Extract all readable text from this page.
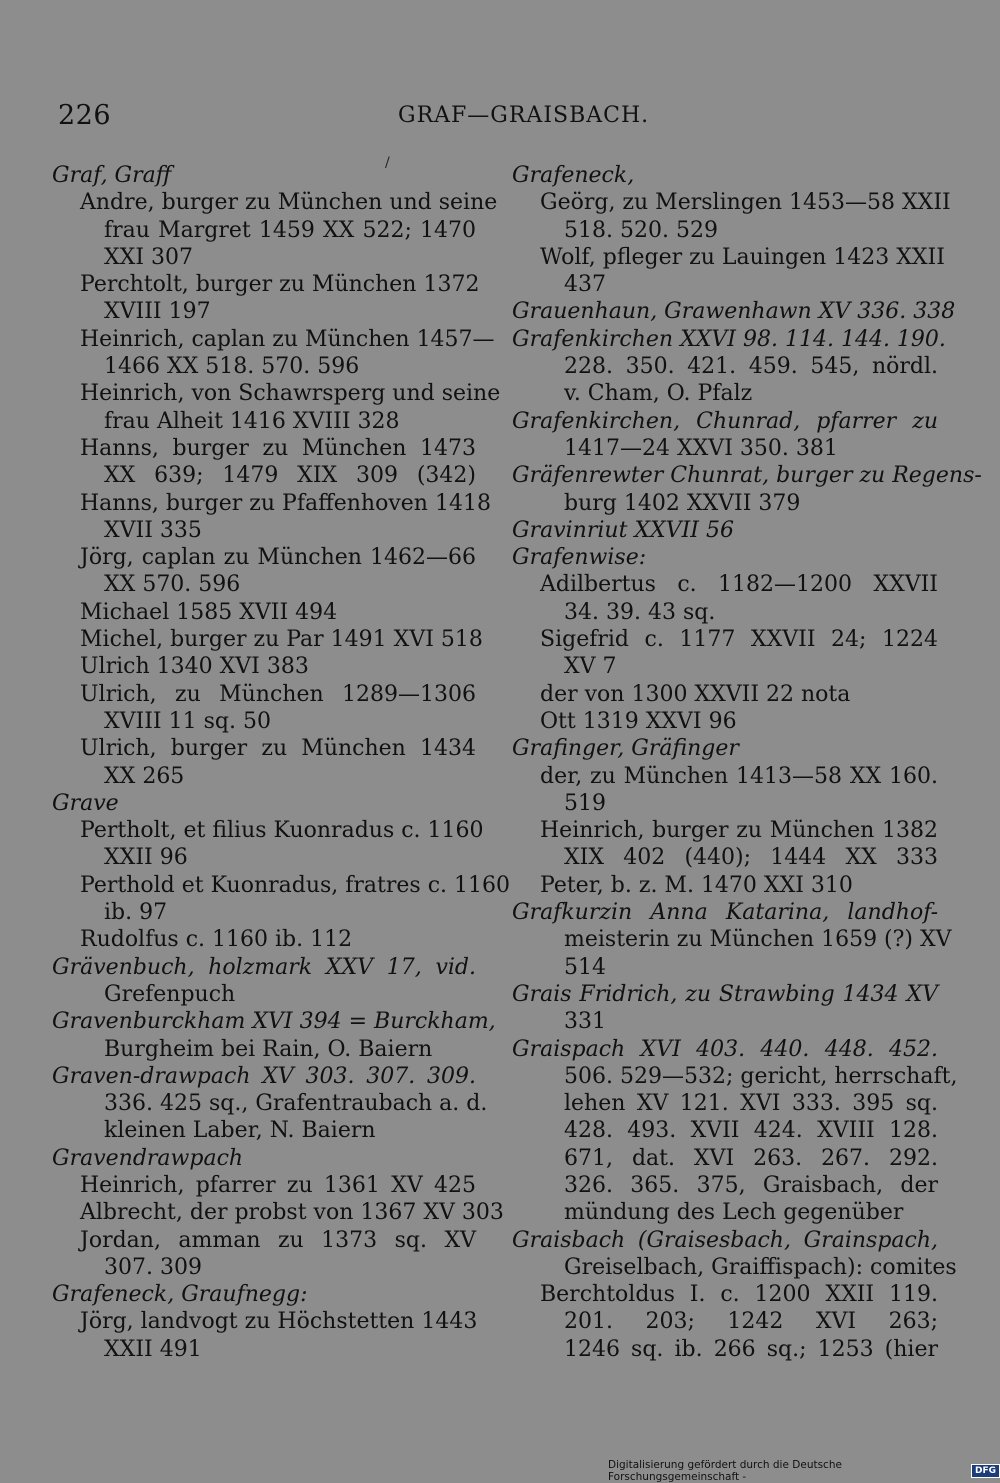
226	GRAF—GRAISBACH.
/
Graf, Graff
Andre, burger zu München und seine
frau Margret 1459 XX 522; 1470
XXI 307
Perchtolt, burger zu München 1372
XVIII 197
Heinrich, caplan zu München 1457—
1466 XX 518. 570. 596
Heinrich, von Schawrsperg und seine
frau Alheit 1416 XVIII 328
Hanns, burger zu München 1473
XX 639; 1479 XIX 309 (342)
Hanns, burger zu Pfaffenhoven 1418
XVII 335
Jörg, caplan zu München 1462—66
XX 570. 596
Michael 1585 XVII 494
Michel, burger zu Par 1491 XVI 518
Ulrich 1340 XVI 383
Ulrich, zu München 1289—1306
XVIII 11 sq. 50
Ulrich, burger zu München 1434
XX 265
Grave
Pertholt, et filius Kuonradus c. 1160
XXII 96
Perthold et Kuonradus, fratres c. 1160
ib. 97
Rudolfus c. 1160 ib. 112
Grävenbuch, holzmark XXV 17, vid.
Grefenpuch
Gravenburckham XVI 394 = Burckham,
Burgheim bei Rain, O. Baiern
Graven-drawpach XV 303. 307. 309.
336. 425 sq., Grafentraubach a. d.
kleinen Laber, N. Baiern
Gravendrawpach
Heinrich, pfarrer zu 1361 XV 425
Albrecht, der probst von 1367 XV 303
Jordan, amman zu 1373 sq. XV
307. 309
Grafeneck, Graufnegg:
Jörg, landvogt zu Höchstetten 1443
XXII 491
Grafeneck,
Geörg, zu Merslingen 1453—58 XXII
518. 520. 529
Wolf, pfleger zu Lauingen 1423 XXII
437
Grauenhaun, Grawenhawn XV 336. 338
Grafenkirchen XXVI 98. 114. 144. 190.
228. 350. 421. 459. 545, nördl.
v. Cham, O. Pfalz
Grafenkirchen, Chunrad, pfarrer zu
1417—24 XXVI 350. 381
Gräfenrewter Chunrat, burger zu Regens-
burg 1402 XXVII 379
Gravinriut XXVII 56
Grafenwise:
Adilbertus c. 1182—1200 XXVII
34. 39. 43 sq.
Sigefrid c. 1177 XXVII 24; 1224
XV 7
der von 1300 XXVII 22 nota
Ott 1319 XXVI 96
Grafinger, Gräfinger
der, zu München 1413—58 XX 160.
519
Heinrich, burger zu München 1382
XIX 402 (440); 1444 XX 333
Peter, b. z. M. 1470 XXI 310
Grafkurzin Anna Katarina, landhof-
meisterin zu München 1659 (?) XV
514
Grais Fridrich, zu Strawbing 1434 XV
331
Graispach XVI 403. 440. 448. 452.
506. 529—532; gericht, herrschaft,
lehen XV 121. XVI 333. 395 sq.
428. 493. XVII 424. XVIII 128.
671, dat. XVI 263. 267. 292.
326. 365. 375, Graisbach, der
mündung des Lech gegenüber
Graisbach (Graisesbach, Grainspach,
Greiselbach, Graiffispach): comites
Berchtoldus I. c. 1200 XXII 119.
201. 203; 1242 XVI 263;
1246 sq. ib. 266 sq.; 1253 (hier
Digitalisierung gefördert durch die Deutsche Forschungsgemeinschaft -	DFG
